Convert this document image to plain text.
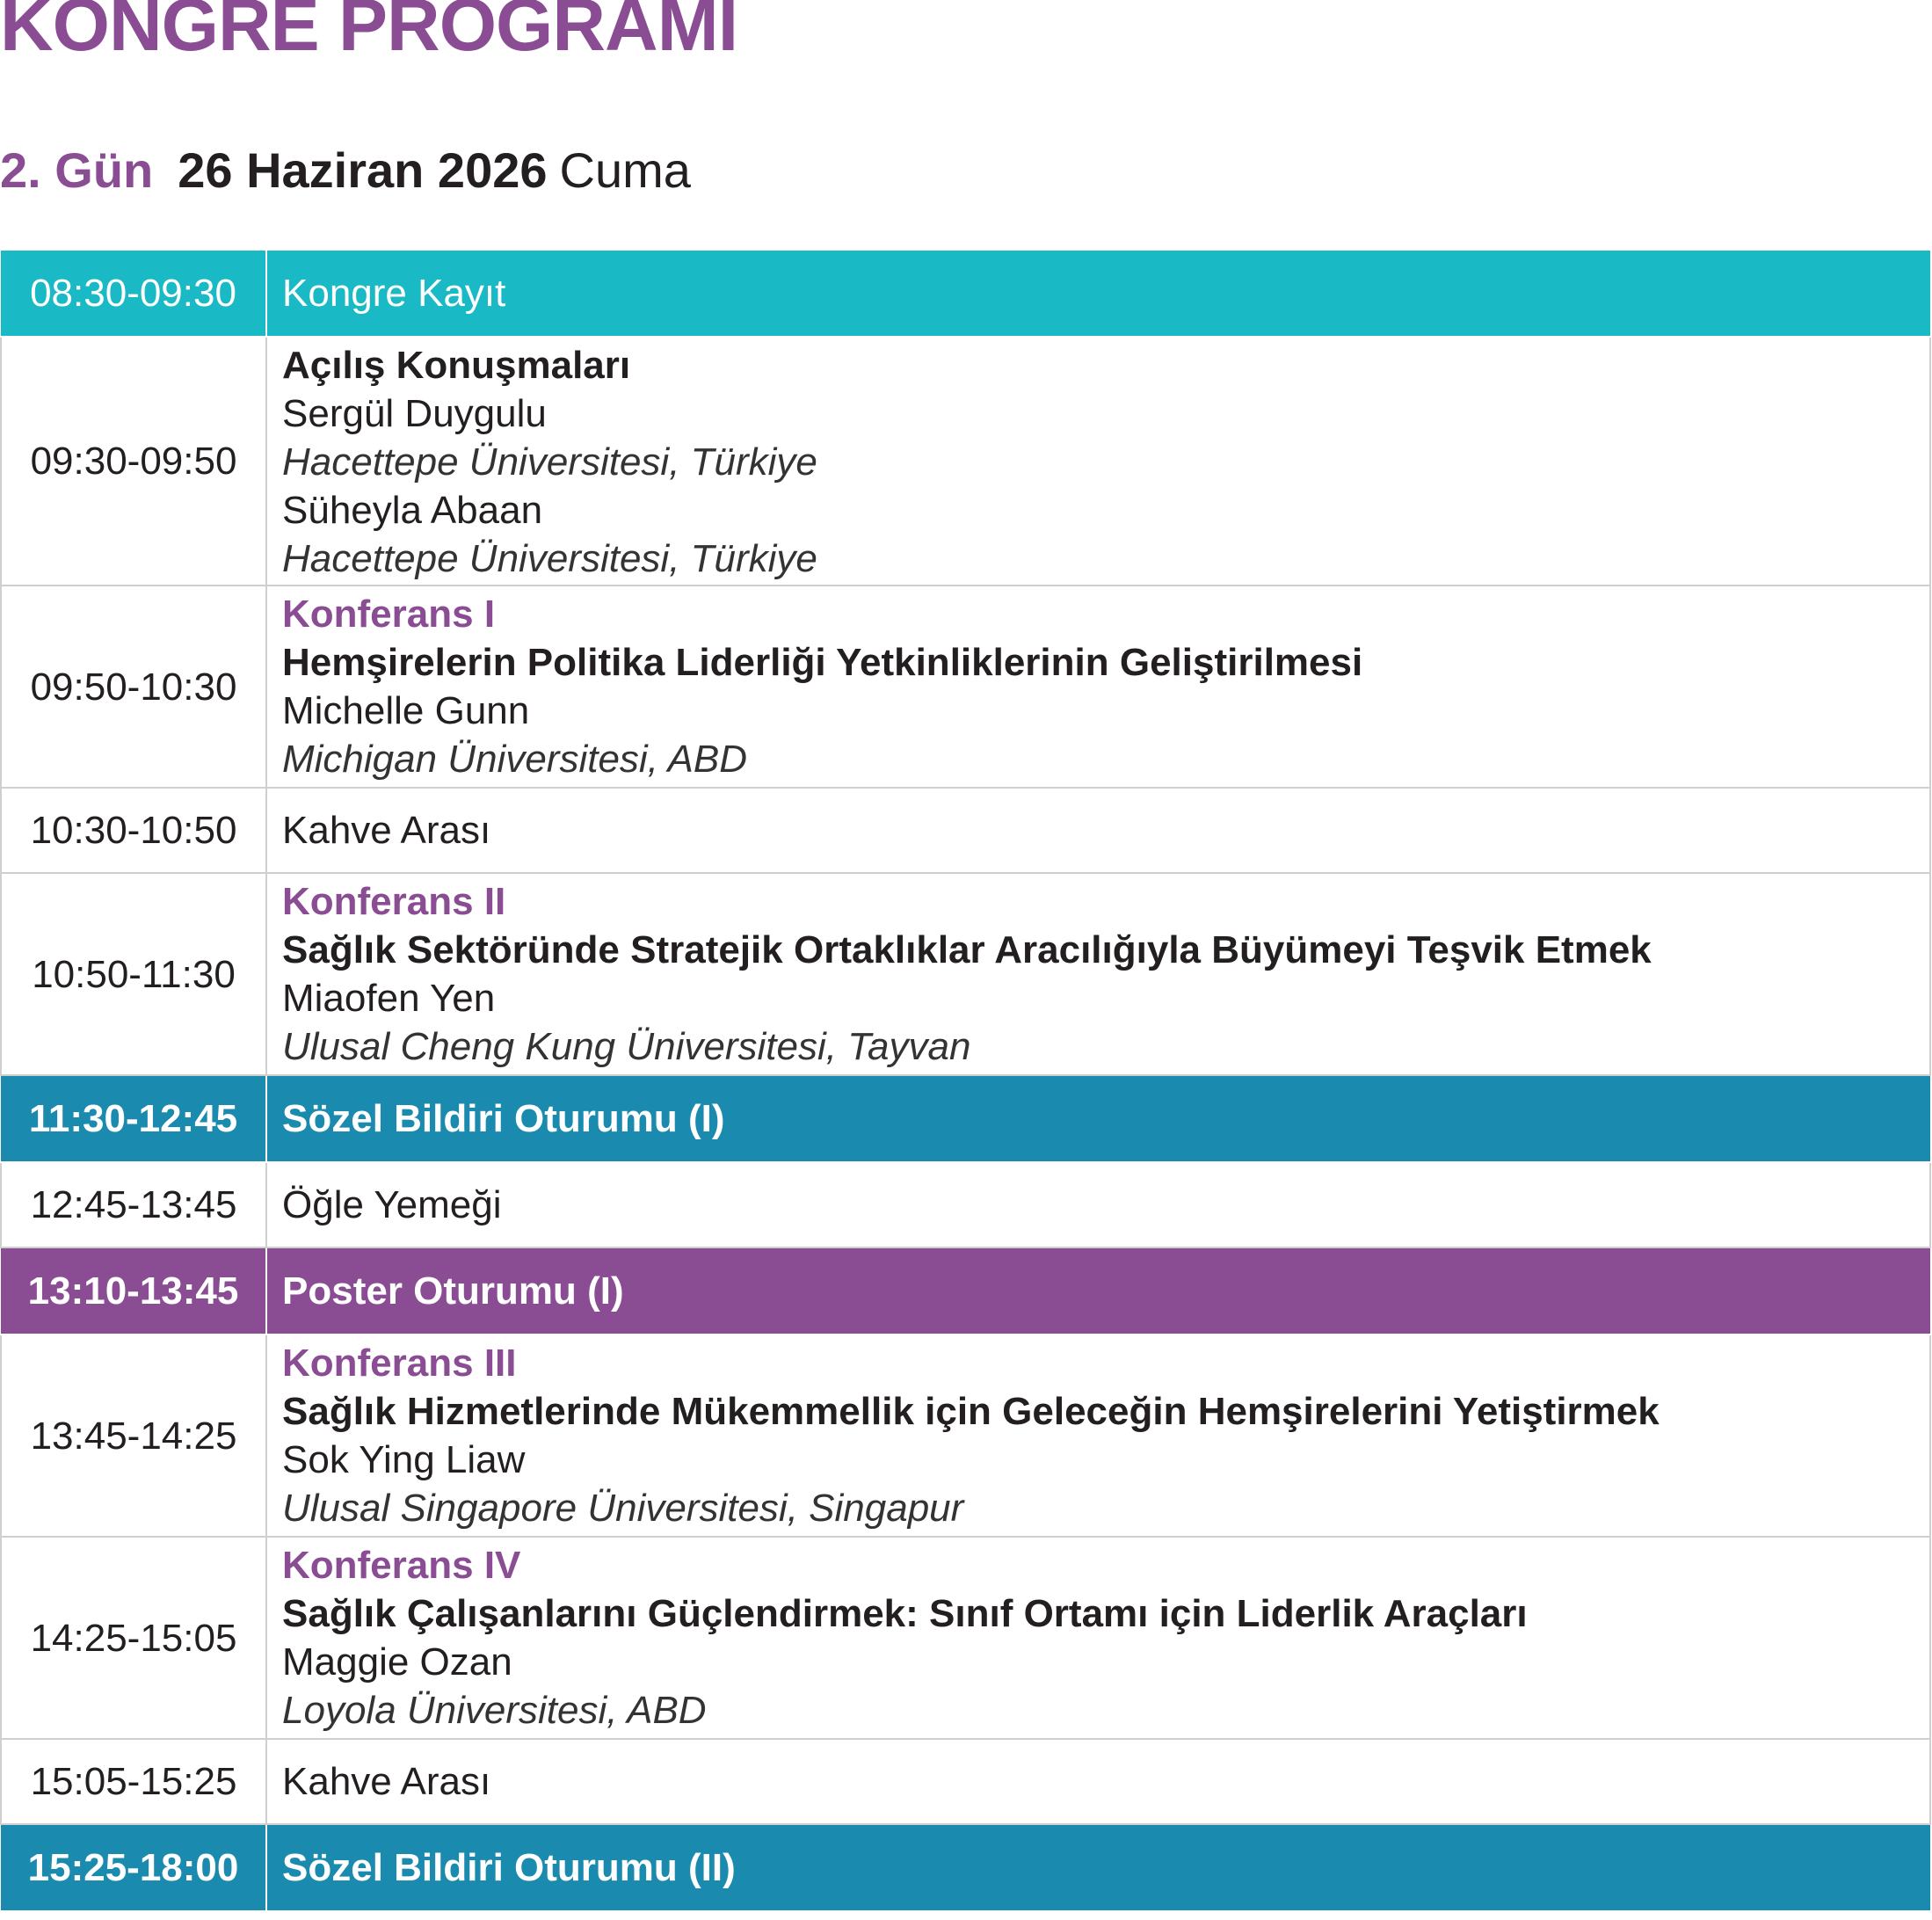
KONGRE PROGRAMI
2. Gün 26 Haziran 2026 Cuma
08:30-09:30	Kongre Kayıt

09:30-09:50	Açılış Konuşmaları
Sergül Duygulu
Hacettepe Üniversitesi, Türkiye
Süheyla Abaan
Hacettepe Üniversitesi, Türkiye

09:50-10:30	Konferans I
Hemşirelerin Politika Liderliği Yetkinliklerinin Geliştirilmesi
Michelle Gunn
Michigan Üniversitesi, ABD

10:30-10:50	Kahve Arası

10:50-11:30	Konferans II
Sağlık Sektöründe Stratejik Ortaklıklar Aracılığıyla Büyümeyi Teşvik Etmek
Miaofen Yen
Ulusal Cheng Kung Üniversitesi, Tayvan

11:30-12:45	Sözel Bildiri Oturumu (I)

12:45-13:45	Öğle Yemeği

13:10-13:45	Poster Oturumu (I)

13:45-14:25	Konferans III
Sağlık Hizmetlerinde Mükemmellik için Geleceğin Hemşirelerini Yetiştirmek
Sok Ying Liaw
Ulusal Singapore Üniversitesi, Singapur

14:25-15:05	Konferans IV
Sağlık Çalışanlarını Güçlendirmek: Sınıf Ortamı için Liderlik Araçları
Maggie Ozan
Loyola Üniversitesi, ABD

15:05-15:25	Kahve Arası

15:25-18:00	Sözel Bildiri Oturumu (II)
